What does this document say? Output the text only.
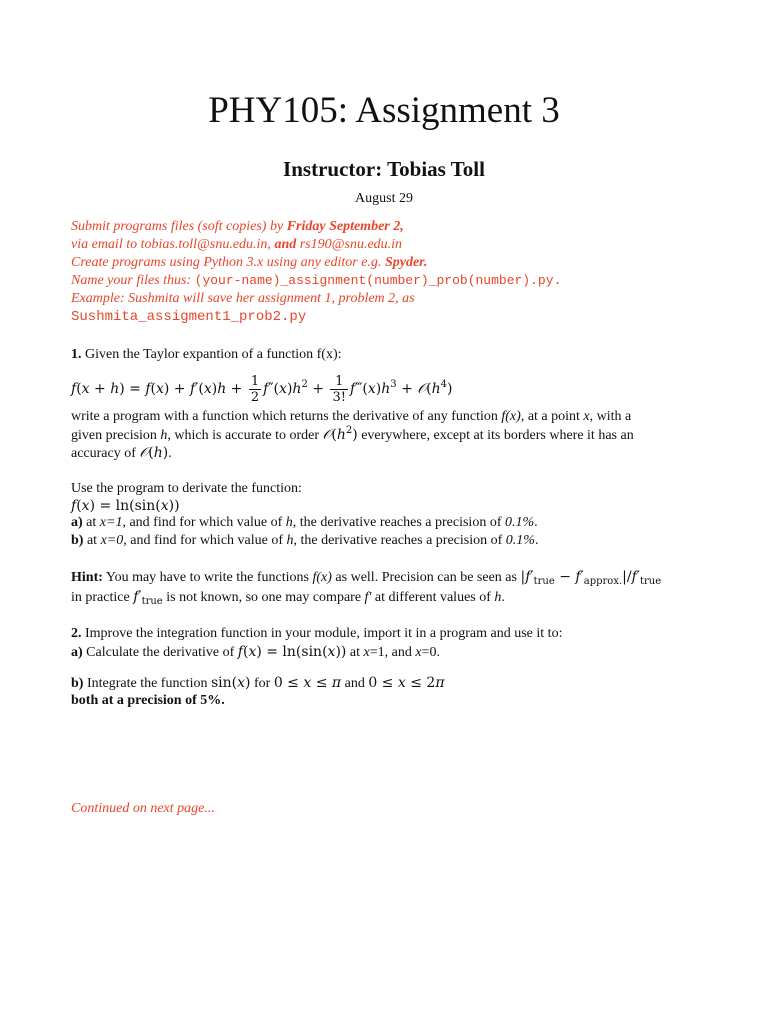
PHY105: Assignment 3
Instructor: Tobias Toll
August 29
Submit programs files (soft copies) by Friday September 2,
via email to tobias.toll@snu.edu.in, and rs190@snu.edu.in
Create programs using Python 3.x using any editor e.g. Spyder.
Name your files thus: (your-name)_assignment(number)_prob(number).py.
Example: Sushmita will save her assignment 1, problem 2, as
Sushmita_assigment1_prob2.py
1. Given the Taylor expantion of a function f(x):
$f(x + h) = f(x) + f'(x)h + \frac{1}{2} f''(x)h^2 + \frac{1}{3!}$ $f‴(x)h^3$ + $𝒪(h^4)$
write a program with a function which returns the derivative of any function f(x), at a point x, with a
given precision h, which is accurate to order $𝒪(h^2)$ everywhere, except at its borders where it has an
accuracy of 𝒪(h).
Use the program to derivate the function:
f(x) = ln(sin(x))
a) at x=1, and find for which value of h, the derivative reaches a precision of 0.1%.
b) at x=0, and find for which value of h, the derivative reaches a precision of 0.1%.
Hint: You may have to write the functions f(x) as well. Precision can be seen as $|f'_{true} - f'_{approx.}|/f'_{true}$
in practice $f'_{true}$ is not known, so one may compare f' at different values of h.
2. Improve the integration function in your module, import it in a program and use it to:
a) Calculate the derivative of f(x) = ln(sin(x)) at x=1, and x=0.
b) Integrate the function sin(x) for 0 ≤ x ≤ π and 0 ≤ x ≤ 2π
both at a precision of 5%.
Continued on next page...
